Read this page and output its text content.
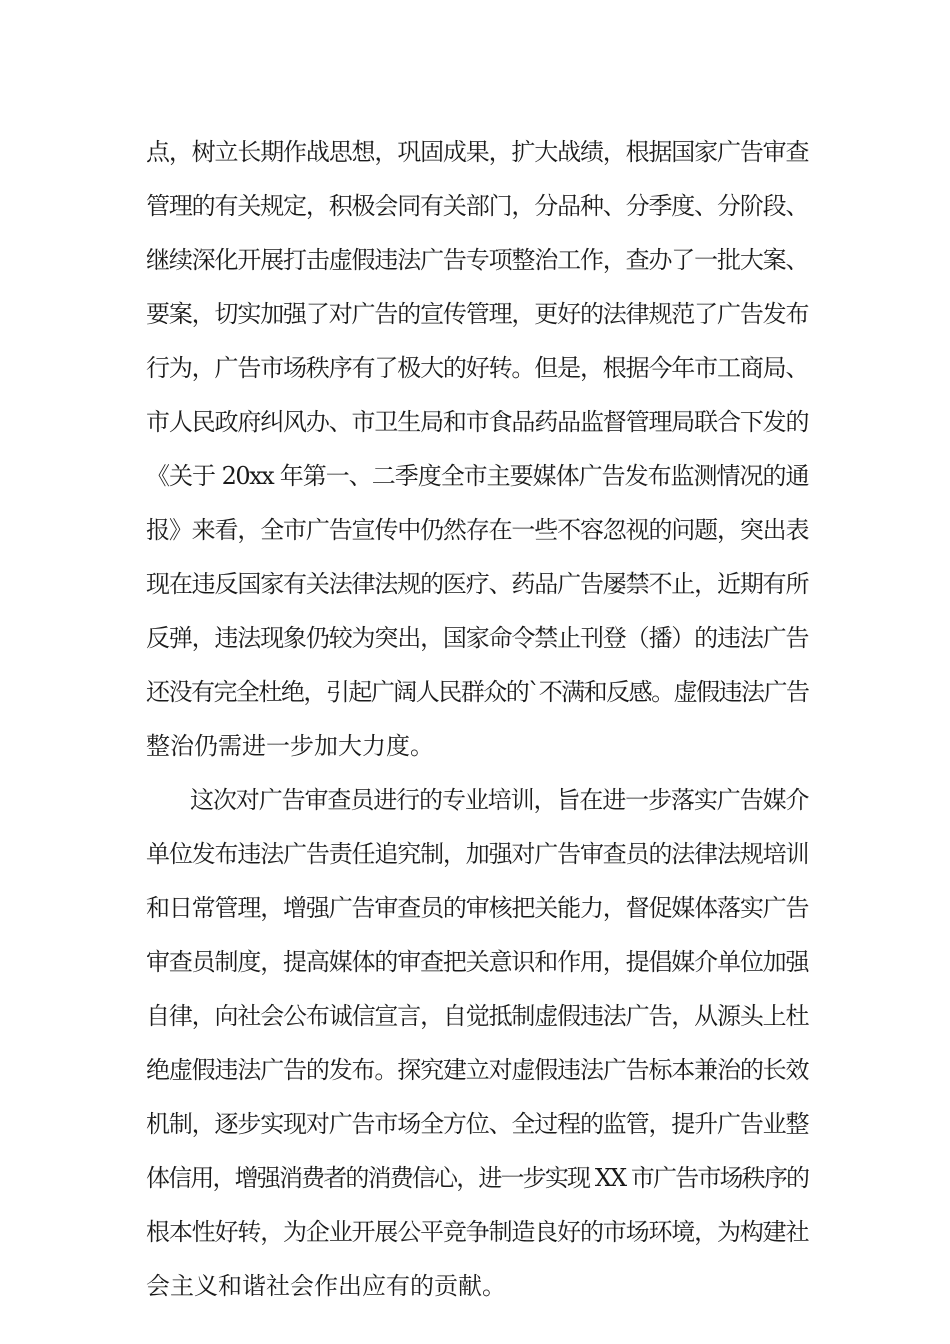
点，树立长期作战思想，巩固成果，扩大战绩，根据国家广告审查
管理的有关规定，积极会同有关部门，分品种、分季度、分阶段、
继续深化开展打击虚假违法广告专项整治工作，查办了一批大案、
要案，切实加强了对广告的宣传管理，更好的法律规范了广告发布
行为，广告市场秩序有了极大的好转。但是，根据今年市工商局、
市人民政府纠风办、市卫生局和市食品药品监督管理局联合下发的
《关于 20xx 年第一、二季度全市主要媒体广告发布监测情况的通
报》来看，全市广告宣传中仍然存在一些不容忽视的问题，突出表
现在违反国家有关法律法规的医疗、药品广告屡禁不止，近期有所
反弹，违法现象仍较为突出，国家命令禁止刊登（播）的违法广告
还没有完全杜绝，引起广阔人民群众的`不满和反感。虚假违法广告
整治仍需进一步加大力度。
这次对广告审查员进行的专业培训，旨在进一步落实广告媒介
单位发布违法广告责任追究制，加强对广告审查员的法律法规培训
和日常管理，增强广告审查员的审核把关能力，督促媒体落实广告
审查员制度，提高媒体的审查把关意识和作用，提倡媒介单位加强
自律，向社会公布诚信宣言，自觉抵制虚假违法广告，从源头上杜
绝虚假违法广告的发布。探究建立对虚假违法广告标本兼治的长效
机制，逐步实现对广告市场全方位、全过程的监管，提升广告业整
体信用，增强消费者的消费信心，进一步实现 XX 市广告市场秩序的
根本性好转，为企业开展公平竞争制造良好的市场环境，为构建社
会主义和谐社会作出应有的贡献。
